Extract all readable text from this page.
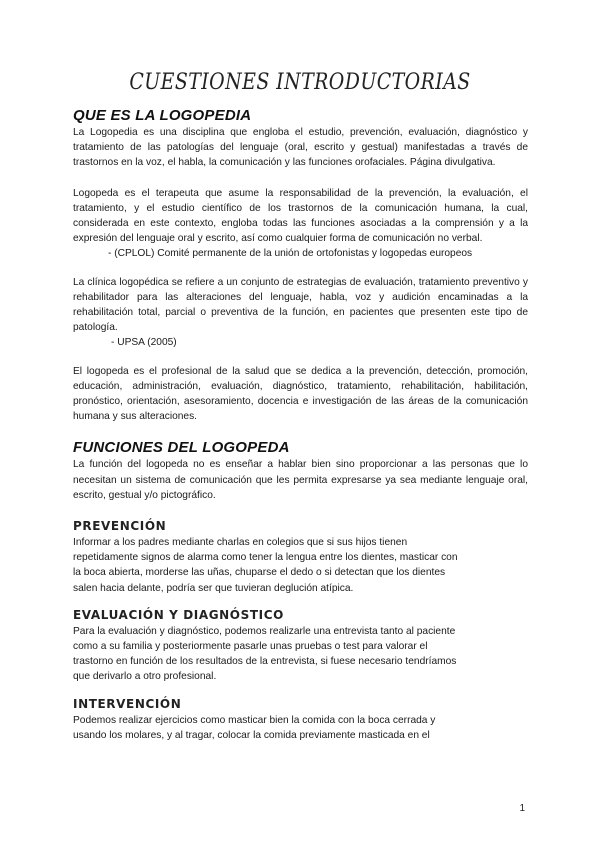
CUESTIONES INTRODUCTORIAS
QUE ES LA LOGOPEDIA

La Logopedia es una disciplina que engloba el estudio, prevención, evaluación, diagnóstico y tratamiento de las patologías del lenguaje (oral, escrito y gestual) manifestadas a través de trastornos en la voz, el habla, la comunicación y las funciones orofaciales. Página divulgativa.

Logopeda es el terapeuta que asume la responsabilidad de la prevención, la evaluación, el tratamiento, y el estudio científico de los trastornos de la comunicación humana, la cual, considerada en este contexto, engloba todas las funciones asociadas a la comprensión y a la expresión del lenguaje oral y escrito, así como cualquier forma de comunicación no verbal.

- (CPLOL) Comité permanente de la unión de ortofonistas y logopedas europeos

La clínica logopédica se refiere a un conjunto de estrategias de evaluación, tratamiento preventivo y rehabilitador para las alteraciones del lenguaje, habla, voz y audición encaminadas a la rehabilitación total, parcial o preventiva de la función, en pacientes que presenten este tipo de patología.

- UPSA (2005)

El logopeda es el profesional de la salud que se dedica a la prevención, detección, promoción, educación, administración, evaluación, diagnóstico, tratamiento, rehabilitación, habilitación, pronóstico, orientación, asesoramiento, docencia e investigación de las áreas de la comunicación humana y sus alteraciones.

FUNCIONES DEL LOGOPEDA

La función del logopeda no es enseñar a hablar bien sino proporcionar a las personas que lo necesitan un sistema de comunicación que les permita expresarse ya sea mediante lenguaje oral, escrito, gestual y/o pictográfico.

PREVENCIÓN

Informar a los padres mediante charlas en colegios que si sus hijos tienen
repetidamente signos de alarma como tener la lengua entre los dientes, masticar con
la boca abierta, morderse las uñas, chuparse el dedo o si detectan que los dientes
salen hacia delante, podría ser que tuvieran deglución atípica.

EVALUACIÓN Y DIAGNÓSTICO

Para la evaluación y diagnóstico, podemos realizarle una entrevista tanto al paciente
como a su familia y posteriormente pasarle unas pruebas o test para valorar el
trastorno en función de los resultados de la entrevista, si fuese necesario tendríamos
que derivarlo a otro profesional.

INTERVENCIÓN

Podemos realizar ejercicios como masticar bien la comida con la boca cerrada y
usando los molares, y al tragar, colocar la comida previamente masticada en el

1
